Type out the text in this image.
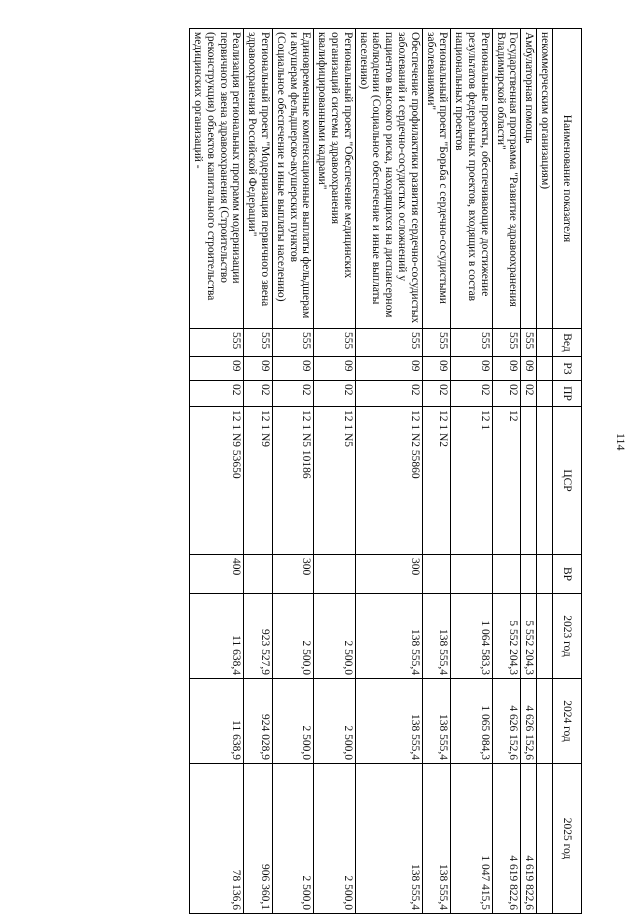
114
Наименование показателя	Вед	РЗ	ПР	ЦСР	ВР	2023 год	2024 год	2025 год
некоммерческим организациям)								
Амбулаторная помощь	555	09	02			5 552 204,3	4 626 152,6	4 619 822,6
Государственная программа "Развитие здравоохранения Владимирской области"	555	09	02	12		5 552 204,3	4 626 152,6	4 619 822,6
Региональные проекты, обеспечивающие достижение результатов федеральных проектов, входящих в состав национальных проектов	555	09	02	12 1		1 064 583,3	1 065 084,3	1 047 415,5
Региональный проект "Борьба с сердечно-сосудистыми заболеваниями"	555	09	02	12 1 N2		138 555,4	138 555,4	138 555,4
Обеспечение профилактики развития сердечно-сосудистых заболеваний и сердечно-сосудистых осложнений у пациентов высокого риска, находящихся на диспансерном наблюдении (Социальное обеспечение и иные выплаты населению)	555	09	02	12 1 N2 55860	300	138 555,4	138 555,4	138 555,4
Региональный проект "Обеспечение медицинских организаций системы здравоохранения квалифицированными кадрами"	555	09	02	12 1 N5		2 500,0	2 500,0	2 500,0
Единовременные компенсационные выплаты фельдшерам и акушерам фельдшерско-акушерских пунктов (Социальное обеспечение и иные выплаты населению)	555	09	02	12 1 N5 10186	300	2 500,0	2 500,0	2 500,0
Региональный проект "Модернизация первичного звена здравоохранения Российской Федерации"	555	09	02	12 1 N9		923 527,9	924 028,9	906 360,1
Реализация региональных программ модернизации первичного звена здравоохранения (Строительство (реконструкция) объектов капитального строительства медицинских организаций -	555	09	02	12 1 N9 53650	400	11 638,4	11 638,9	78 136,6
